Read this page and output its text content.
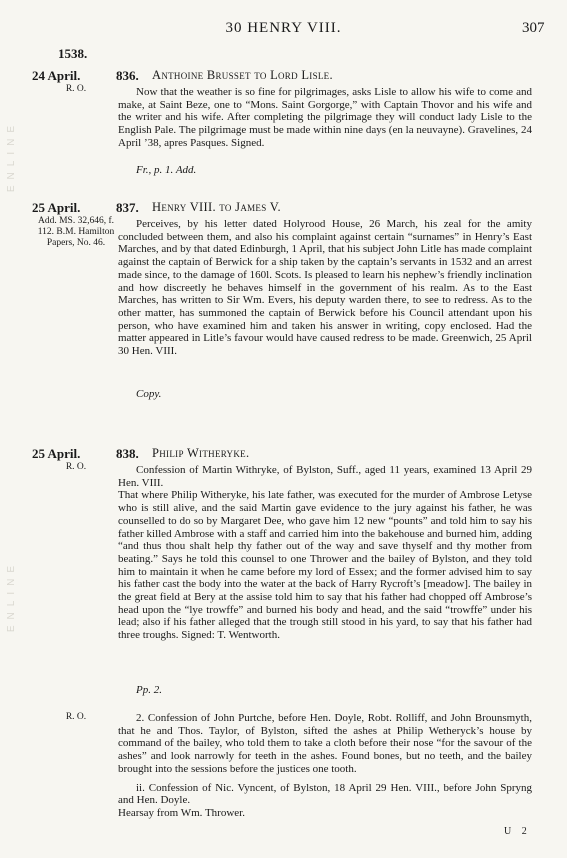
30 HENRY VIII.	307
1538.
ENLINE
ENLINE
24 April.
R. O.
836. Anthoine Brusset to Lord Lisle.

Now that the weather is so fine for pilgrimages, asks Lisle to allow his wife to come and make, at Saint Beze, one to “Mons. Saint Gorgorge,” with Captain Thovor and his wife and the writer and his wife. After completing the pilgrimage they will conduct lady Lisle to the English Pale. The pilgrimage must be made within nine days (en la neuvayne). Gravelines, 24 April ’38, apres Pasques. Signed.

Fr., p. 1. Add.
25 April.
Add. MS. 32,646, f. 112. B.M. Hamilton Papers, No. 46.
837. Henry VIII. to James V.

Perceives, by his letter dated Holyrood House, 26 March, his zeal for the amity concluded between them, and also his complaint against certain “surnames” in Henry’s East Marches, and by that dated Edinburgh, 1 April, that his subject John Litle has made complaint against the captain of Berwick for a ship taken by the captain’s servants in 1532 and an arrest made since, to the damage of 160l. Scots. Is pleased to learn his nephew’s friendly inclination and how discreetly he behaves himself in the government of his realm. As to the East Marches, has written to Sir Wm. Evers, his deputy warden there, to see to redress. As to the other matter, has summoned the captain of Berwick before his Council attendant upon his person, who have examined him and taken his answer in writing, copy enclosed. Had the matter appeared in Litle’s favour would have caused redress to be made. Greenwich, 25 April 30 Hen. VIII.

Copy.
25 April.
R. O.
838. Philip Witheryke.

Confession of Martin Withryke, of Bylston, Suff., aged 11 years, examined 13 April 29 Hen. VIII.

That where Philip Witheryke, his late father, was executed for the murder of Ambrose Letyse who is still alive, and the said Martin gave evidence to the jury against his father, he was counselled to do so by Margaret Dee, who gave him 12 new “pounts” and told him to say his father killed Ambrose with a staff and carried him into the bakehouse and burned him, adding “and thus thou shalt help thy father out of the way and save thyself and thy mother from beating.” Says he told this counsel to one Thrower and the bailey of Bylston, and they told him to maintain it when he came before my lord of Essex; and the former advised him to say his father cast the body into the water at the back of Harry Rycroft’s [meadow]. The bailey in the great field at Bery at the assise told him to say that his father had chopped off Ambrose’s head upon the “lye trowffe” and burned his body and head, and the said “trowffe” under his lead; also if his father alleged that the trough still stood in his yard, to say that his father had three troughs. Signed: T. Wentworth.

Pp. 2.
R. O.	2. Confession of John Purtche, before Hen. Doyle, Robt. Rolliff, and John Brounsmyth, that he and Thos. Taylor, of Bylston, sifted the ashes at Philip Wetheryck’s house by command of the bailey, who told them to take a cloth before their nose “for the savour of the ashes” and look narrowly for teeth in the ashes. Found bones, but no teeth, and the bailey brought into the sessions before the justices one tooth.

ii. Confession of Nic. Vyncent, of Bylston, 18 April 29 Hen. VIII., before John Spryng and Hen. Doyle.

Hearsay from Wm. Thrower.

U 2
